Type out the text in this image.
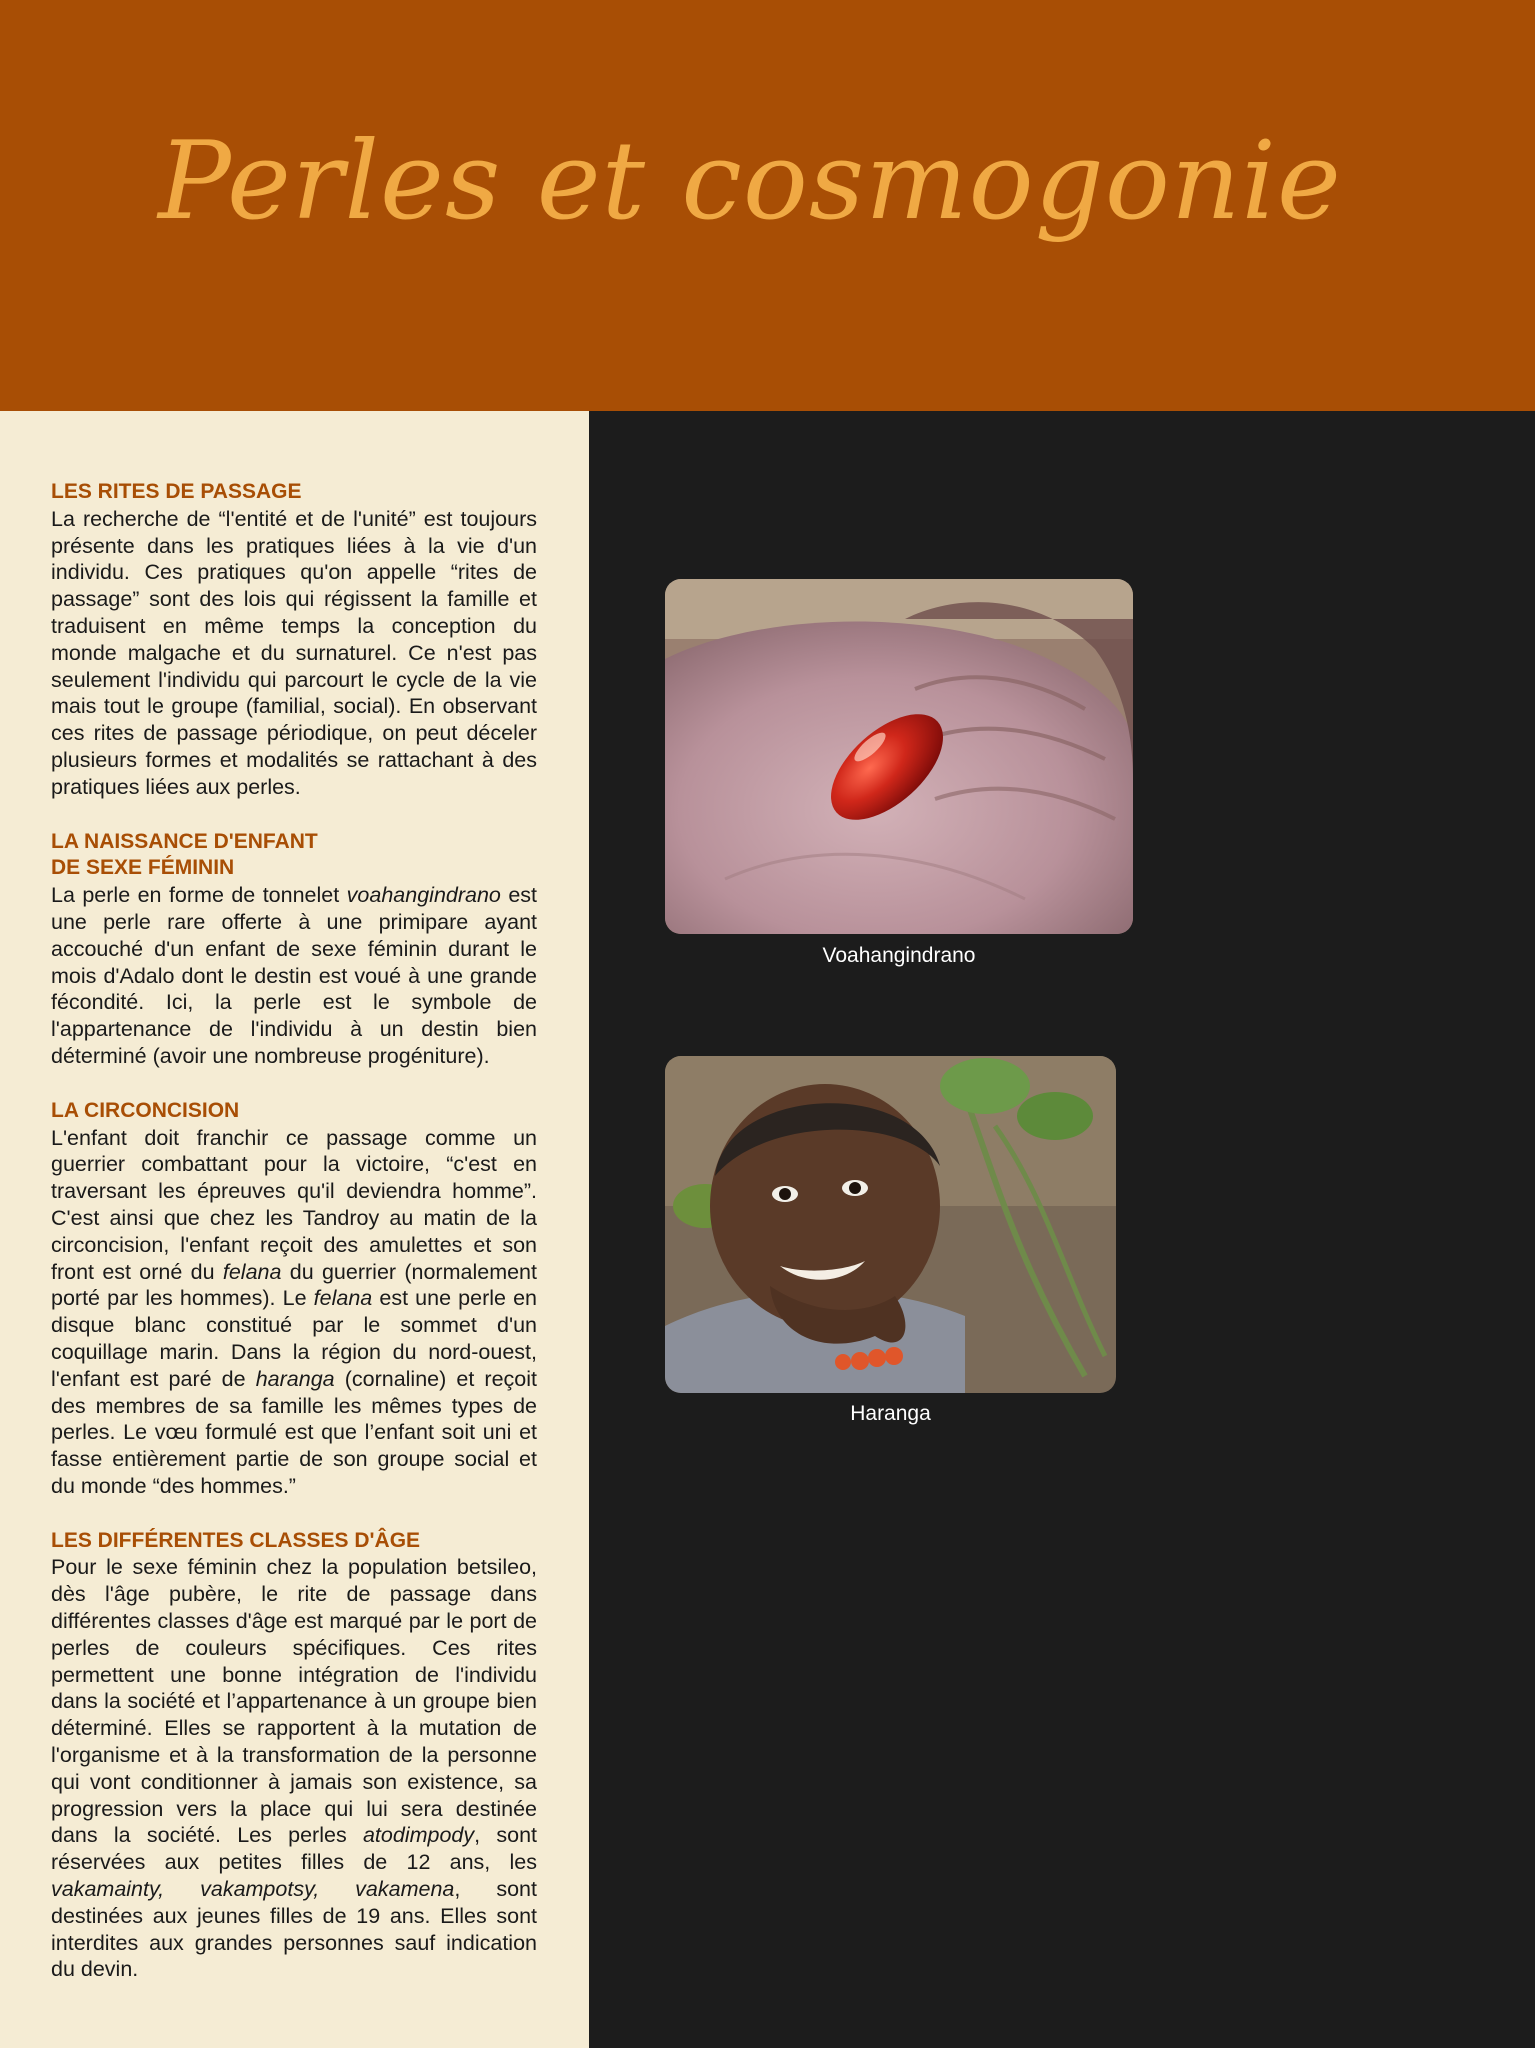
Perles et cosmogonie
LES RITES DE PASSAGE

La recherche de “l'entité et de l'unité” est toujours présente dans les pratiques liées à la vie d'un individu. Ces pratiques qu'on appelle “rites de passage” sont des lois qui régissent la famille et traduisent en même temps la conception du monde malgache et du surnaturel. Ce n'est pas seulement l'individu qui parcourt le cycle de la vie mais tout le groupe (familial, social). En observant ces rites de passage périodique, on peut déceler plusieurs formes et modalités se rattachant à des pratiques liées aux perles.

LA NAISSANCE D'ENFANT DE SEXE FÉMININ

La perle en forme de tonnelet voahangindrano est une perle rare offerte à une primipare ayant accouché d'un enfant de sexe féminin durant le mois d'Adalo dont le destin est voué à une grande fécondité. Ici, la perle est le symbole de l'appartenance de l'individu à un destin bien déterminé (avoir une nombreuse progéniture).

LA CIRCONCISION

L'enfant doit franchir ce passage comme un guerrier combattant pour la victoire, “c'est en traversant les épreuves qu'il deviendra homme”. C'est ainsi que chez les Tandroy au matin de la circoncision, l'enfant reçoit des amulettes et son front est orné du felana du guerrier (normalement porté par les hommes). Le felana est une perle en disque blanc constitué par le sommet d'un coquillage marin. Dans la région du nord-ouest, l'enfant est paré de haranga (cornaline) et reçoit des membres de sa famille les mêmes types de perles. Le vœu formulé est que l’enfant soit uni et fasse entièrement partie de son groupe social et du monde “des hommes.”

LES DIFFÉRENTES CLASSES D'ÂGE

Pour le sexe féminin chez la population betsileo, dès l'âge pubère, le rite de passage dans différentes classes d'âge est marqué par le port de perles de couleurs spécifiques. Ces rites permettent une bonne intégration de l'individu dans la société et l’appartenance à un groupe bien déterminé. Elles se rapportent à la mutation de l'organisme et à la transformation de la personne qui vont conditionner à jamais son existence, sa progression vers la place qui lui sera destinée dans la société. Les perles atodimpody, sont réservées aux petites filles de 12 ans, les vakamainty, vakampotsy, vakamena, sont destinées aux jeunes filles de 19 ans. Elles sont interdites aux grandes personnes sauf indication du devin.

Voahangindrano
Haranga
